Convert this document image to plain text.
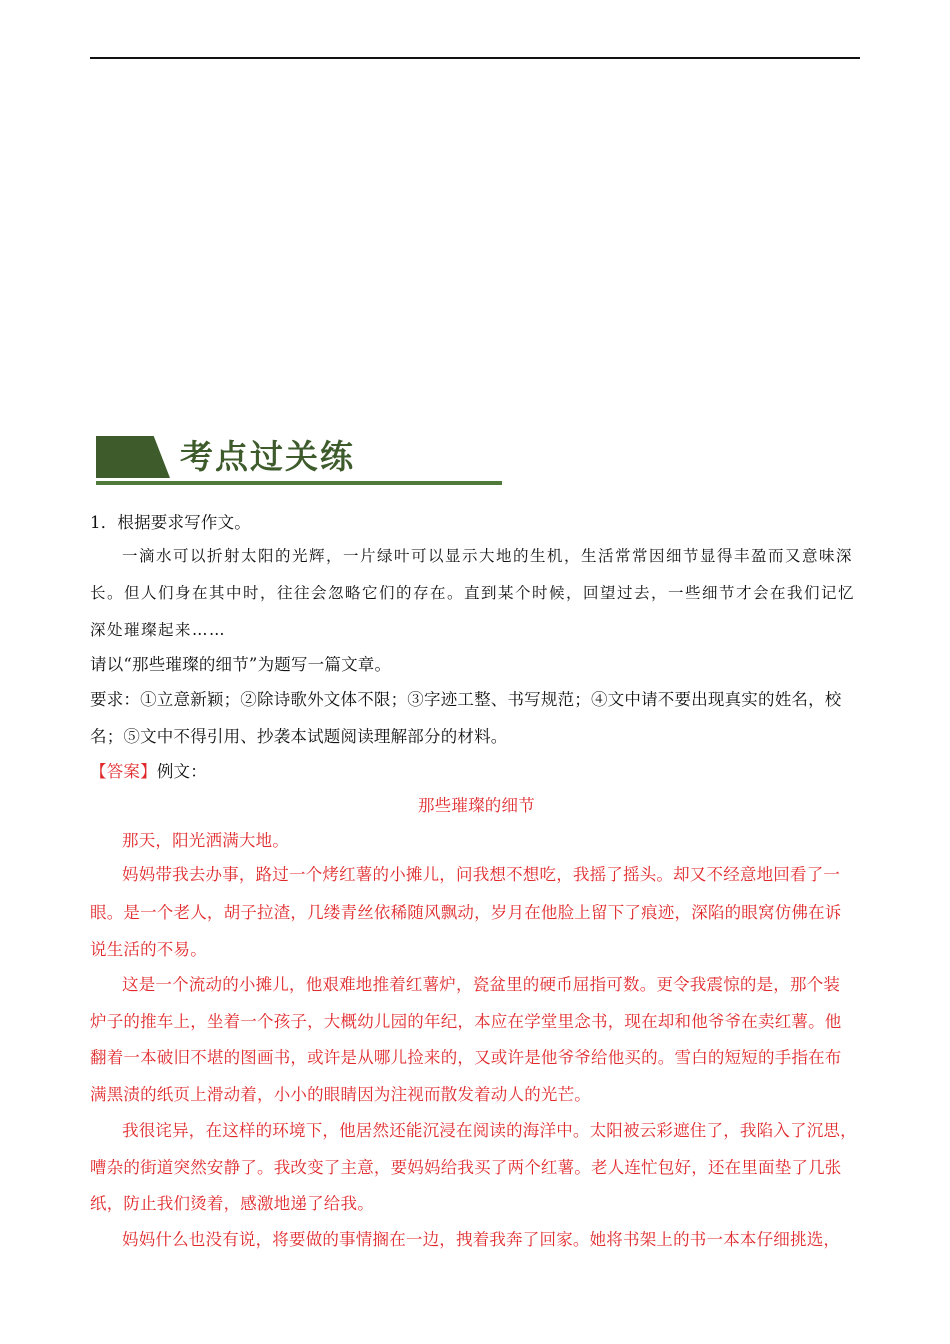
考点过关练
1．根据要求写作文。
一滴水可以折射太阳的光辉，一片绿叶可以显示大地的生机，生活常常因细节显得丰盈而又意味深
长。但人们身在其中时，往往会忽略它们的存在。直到某个时候，回望过去，一些细节才会在我们记忆
深处璀璨起来……
请以“那些璀璨的细节”为题写一篇文章。
要求：①立意新颖；②除诗歌外文体不限；③字迹工整、书写规范；④文中请不要出现真实的姓名，校
名；⑤文中不得引用、抄袭本试题阅读理解部分的材料。
【答案】例文：
那些璀璨的细节
那天，阳光洒满大地。
妈妈带我去办事，路过一个烤红薯的小摊儿，问我想不想吃，我摇了摇头。却又不经意地回看了一
眼。是一个老人，胡子拉渣，几缕青丝依稀随风飘动，岁月在他脸上留下了痕迹，深陷的眼窝仿佛在诉
说生活的不易。
这是一个流动的小摊儿，他艰难地推着红薯炉，瓷盆里的硬币屈指可数。更令我震惊的是，那个装
炉子的推车上，坐着一个孩子，大概幼儿园的年纪，本应在学堂里念书，现在却和他爷爷在卖红薯。他
翻着一本破旧不堪的图画书，或许是从哪儿捡来的，又或许是他爷爷给他买的。雪白的短短的手指在布
满黑渍的纸页上滑动着，小小的眼睛因为注视而散发着动人的光芒。
我很诧异，在这样的环境下，他居然还能沉浸在阅读的海洋中。太阳被云彩遮住了，我陷入了沉思，
嘈杂的街道突然安静了。我改变了主意，要妈妈给我买了两个红薯。老人连忙包好，还在里面垫了几张
纸，防止我们烫着，感激地递了给我。
妈妈什么也没有说，将要做的事情搁在一边，拽着我奔了回家。她将书架上的书一本本仔细挑选，
